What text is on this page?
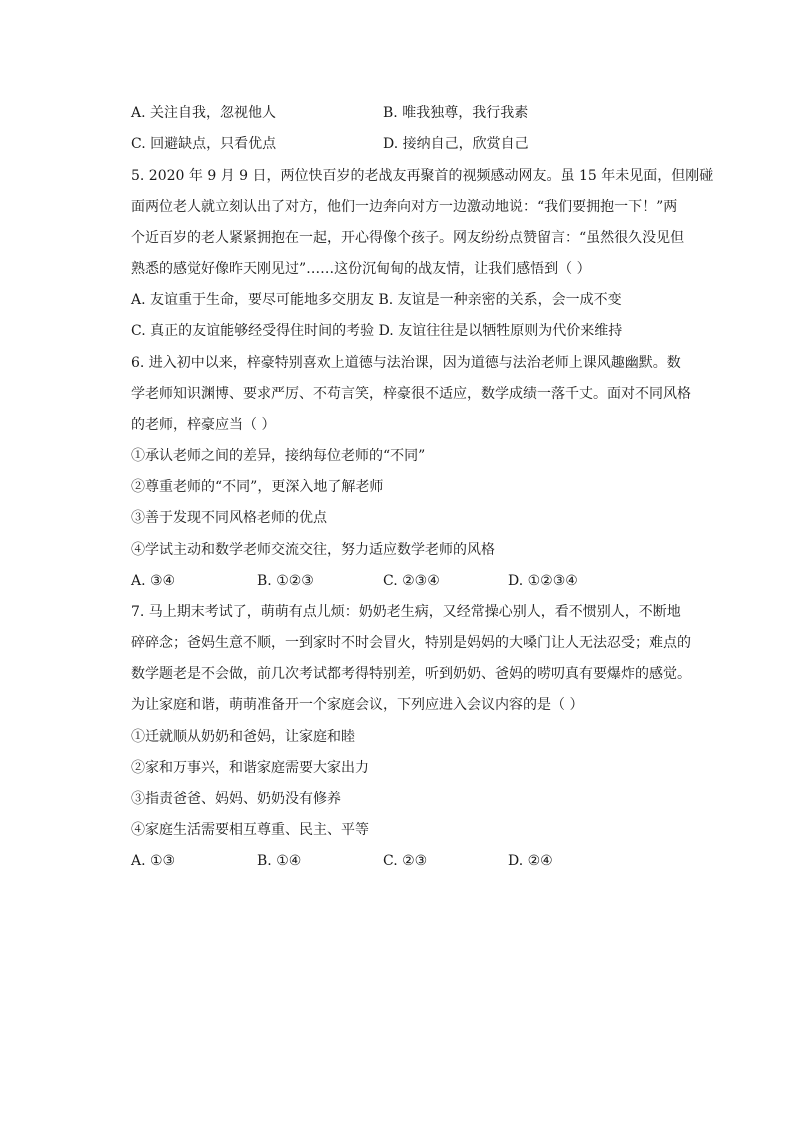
A. 关注自我，忽视他人	B. 唯我独尊，我行我素
C. 回避缺点，只看优点	D. 接纳自己，欣赏自己
5. 2020 年 9 月 9 日，两位快百岁的老战友再聚首的视频感动网友。虽 15 年未见面，但刚碰
面两位老人就立刻认出了对方，他们一边奔向对方一边激动地说：“我们要拥抱一下！”两
个近百岁的老人紧紧拥抱在一起，开心得像个孩子。网友纷纷点赞留言：“虽然很久没见但
熟悉的感觉好像昨天刚见过”……这份沉甸甸的战友情，让我们感悟到（ ）
A. 友谊重于生命，要尽可能地多交朋友 B. 友谊是一种亲密的关系，会一成不变
C. 真正的友谊能够经受得住时间的考验 D. 友谊往往是以牺牲原则为代价来维持
6. 进入初中以来，梓豪特别喜欢上道德与法治课，因为道德与法治老师上课风趣幽默。数
学老师知识渊博、要求严厉、不苟言笑，梓豪很不适应，数学成绩一落千丈。面对不同风格
的老师，梓豪应当（ ）
①承认老师之间的差异，接纳每位老师的“不同”
②尊重老师的“不同”，更深入地了解老师
③善于发现不同风格老师的优点
④学试主动和数学老师交流交往，努力适应数学老师的风格
A. ③④	B. ①②③	C. ②③④	D. ①②③④
7. 马上期末考试了，萌萌有点儿烦：奶奶老生病，又经常操心别人，看不惯别人，不断地
碎碎念；爸妈生意不顺，一到家时不时会冒火，特别是妈妈的大嗓门让人无法忍受；难点的
数学题老是不会做，前几次考试都考得特别差，听到奶奶、爸妈的唠叨真有要爆炸的感觉。
为让家庭和谐，萌萌准备开一个家庭会议，下列应进入会议内容的是（ ）
①迁就顺从奶奶和爸妈，让家庭和睦
②家和万事兴，和谐家庭需要大家出力
③指责爸爸、妈妈、奶奶没有修养
④家庭生活需要相互尊重、民主、平等
A. ①③	B. ①④	C. ②③	D. ②④
